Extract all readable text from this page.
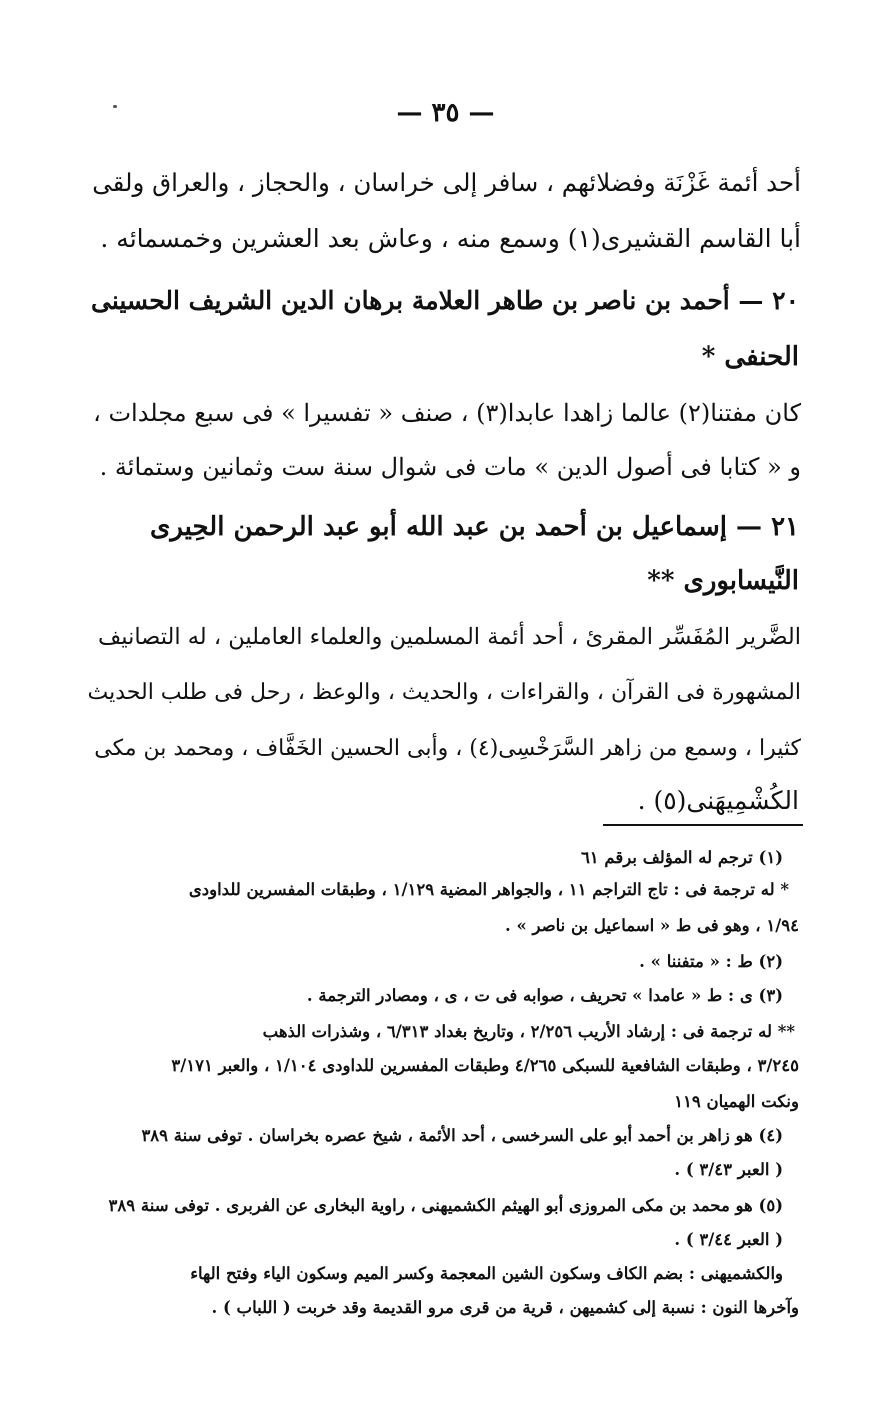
— ٣٥ —
أحد أئمة غَزْنَة وفضلائهم ، سافر إلى خراسان ، والحجاز ، والعراق ولقى
أبا القاسم القشيرى(١) وسمع منه ، وعاش بعد العشرين وخمسمائه .
٢٠ — أحمد بن ناصر بن طاهر العلامة برهان الدين الشريف الحسينى
الحنفى *
كان مفتنا(٢) عالما زاهدا عابدا(٣) ، صنف « تفسيرا » فى سبع مجلدات ،
و « كتابا فى أصول الدين » مات فى شوال سنة ست وثمانين وستمائة .
٢١ — إسماعيل بن أحمد بن عبد الله أبو عبد الرحمن الحِيرى
النَّيسابورى **
الضَّرير المُفَسِّر المقرئ ، أحد أئمة المسلمين والعلماء العاملين ، له التصانيف
المشهورة فى القرآن ، والقراءات ، والحديث ، والوعظ ، رحل فى طلب الحديث
كثيرا ، وسمع من زاهر السَّرَخْسِى(٤) ، وأبى الحسين الخَفَّاف ، ومحمد بن مكى
الكُشْمِيهَنى(٥) .
(١) ترجم له المؤلف برقم ٦١
* له ترجمة فى : تاج التراجم ١١ ، والجواهر المضية ١/١٢٩ ، وطبقات المفسرين للداودى
١/٩٤ ، وهو فى ط « اسماعيل بن ناصر » .
(٢) ط : « متفننا » .
(٣) ى : ط « عامدا » تحريف ، صوابه فى ت ، ى ، ومصادر الترجمة .
** له ترجمة فى : إرشاد الأريب ٢/٢٥٦ ، وتاريخ بغداد ٦/٣١٣ ، وشذرات الذهب
٣/٢٤٥ ، وطبقات الشافعية للسبكى ٤/٢٦٥ وطبقات المفسرين للداودى ١/١٠٤ ، والعبر ٣/١٧١
ونكت الهميان ١١٩
(٤) هو زاهر بن أحمد أبو على السرخسى ، أحد الأئمة ، شيخ عصره بخراسان . توفى سنة ٣٨٩
( العبر ٣/٤٣ ) .
(٥) هو محمد بن مكى المروزى أبو الهيثم الكشميهنى ، راوية البخارى عن الفربرى . توفى سنة ٣٨٩
( العبر ٣/٤٤ ) .
والكشميهنى : بضم الكاف وسكون الشين المعجمة وكسر الميم وسكون الياء وفتح الهاء
وآخرها النون : نسبة إلى كشميهن ، قرية من قرى مرو القديمة وقد خربت ( اللباب ) .
